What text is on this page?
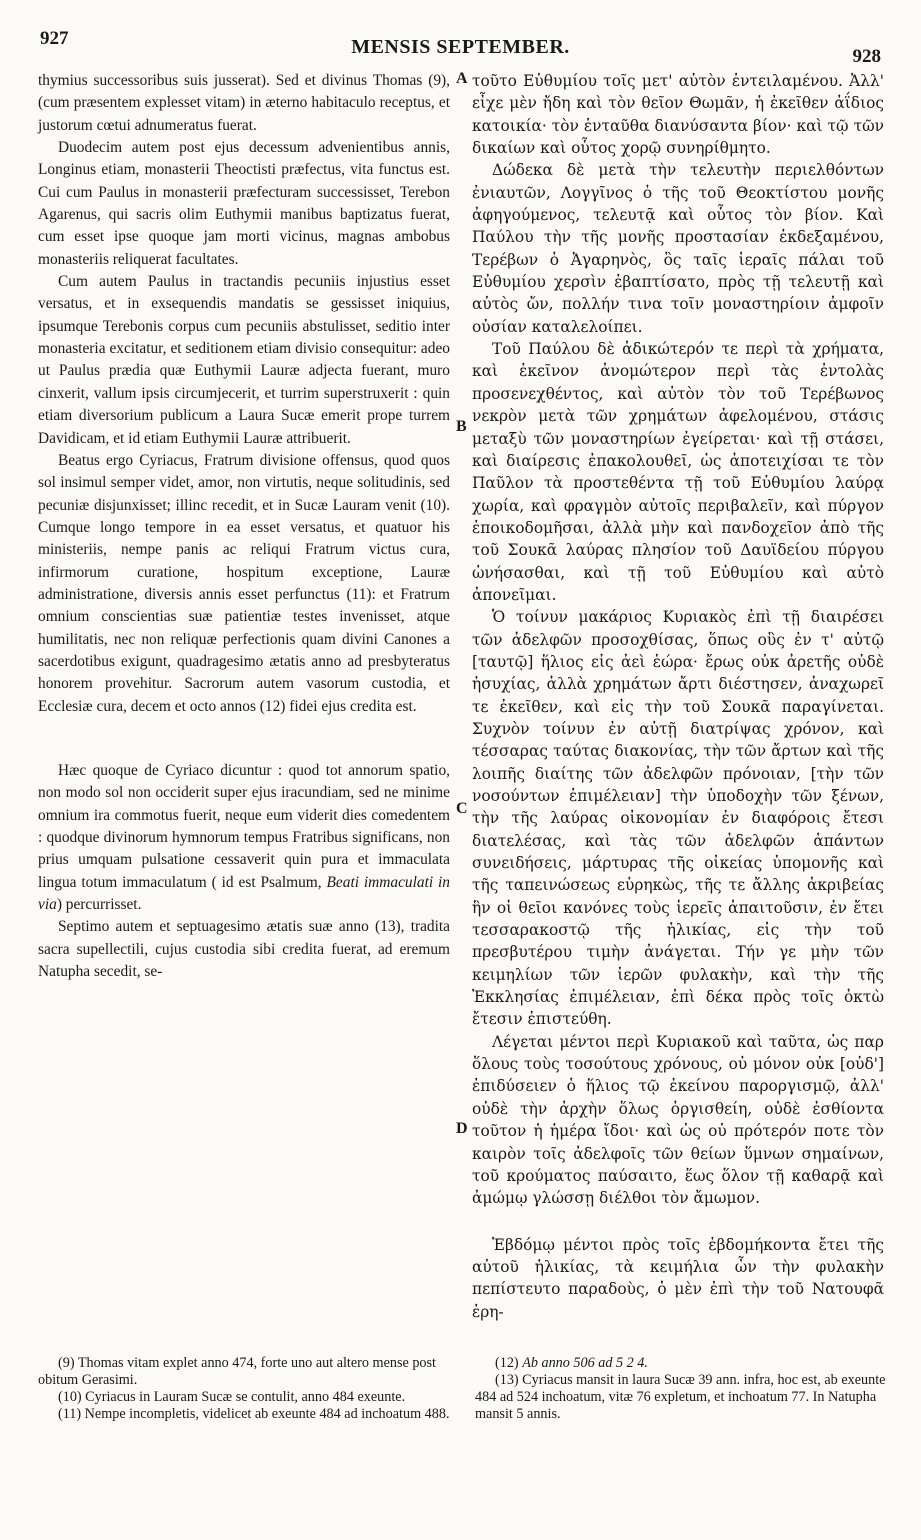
927	MENSIS SEPTEMBER.	928

thymius successoribus suis jusserat). Sed et divinus Thomas (9), (cum præsentem explesset vitam) in æterno habitaculo receptus, et justorum cœtui adnumeratus fuerat.

Duodecim autem post ejus decessum advenientibus annis, Longinus etiam, monasterii Theoctisti præfectus, vita functus est. Cui cum Paulus in monasterii præfecturam successisset, Terebon Agarenus, qui sacris olim Euthymii manibus baptizatus fuerat, cum esset ipse quoque jam morti vicinus, magnas ambobus monasteriis reliquerat facultates.

Cum autem Paulus in tractandis pecuniis injustius esset versatus, et in exsequendis mandatis se gessisset iniquius, ipsumque Terebonis corpus cum pecuniis abstulisset, seditio inter monasteria excitatur, et seditionem etiam divisio consequitur: adeo ut Paulus prædia quæ Euthymii Lauræ adjecta fuerant, muro cinxerit, vallum ipsis circumjecerit, et turrim superstruxerit : quin etiam diversorium publicum a Laura Sucæ emerit prope turrem Davidicam, et id etiam Euthymii Lauræ attribuerit.

Beatus ergo Cyriacus, Fratrum divisione offensus, quod quos sol insimul semper videt, amor, non virtutis, neque solitudinis, sed pecuniæ disjunxisset; illinc recedit, et in Sucæ Lauram venit (10). Cumque longo tempore in ea esset versatus, et quatuor his ministeriis, nempe panis ac reliqui Fratrum victus cura, infirmorum curatione, hospitum exceptione, Lauræ administratione, diversis annis esset perfunctus (11): et Fratrum omnium conscientias suæ patientiæ testes invenisset, atque humilitatis, nec non reliquæ perfectionis quam divini Canones a sacerdotibus exigunt, quadragesimo ætatis anno ad presbyteratus honorem provehitur. Sacrorum autem vasorum custodia, et Ecclesiæ cura, decem et octo annos (12) fidei ejus credita est.

Hæc quoque de Cyriaco dicuntur : quod tot annorum spatio, non modo sol non occiderit super ejus iracundiam, sed ne minime omnium ira commotus fuerit, neque eum viderit dies comedentem : quodque divinorum hymnorum tempus Fratribus significans, non prius umquam pulsatione cessaverit quin pura et immaculata lingua totum immaculatum ( id est Psalmum, Beati immaculati in via) percurrisset.

Septimo autem et septuagesimo ætatis suæ anno (13), tradita sacra supellectili, cujus custodia sibi credita fuerat, ad eremum Natupha secedit, se-

A
B
C
D

τοῦτο Εὐθυμίου τοῖς μετ' αὐτὸν ἐντειλαμένου. Ἀλλ' εἶχε μὲν ἤδη καὶ τὸν θεῖον Θωμᾶν, ἡ ἐκεῖθεν ἀΐδιος κατοικία· τὸν ἐνταῦθα διανύσαντα βίον· καὶ τῷ τῶν δικαίων καὶ οὗτος χορῷ συνηρίθμητο.

Δώδεκα δὲ μετὰ τὴν τελευτὴν περιελθόντων ἐνιαυτῶν, Λογγῖνος ὁ τῆς τοῦ Θεοκτίστου μονῆς ἀφηγούμενος, τελευτᾷ καὶ οὗτος τὸν βίον. Καὶ Παύλου τὴν τῆς μονῆς προστασίαν ἐκδεξαμένου, Τερέβων ὁ Ἀγαρηνὸς, ὃς ταῖς ἱεραῖς πάλαι τοῦ Εὐθυμίου χερσὶν ἐβαπτίσατο, πρὸς τῇ τελευτῇ καὶ αὐτὸς ὤν, πολλήν τινα τοῖν μοναστηρίοιν ἀμφοῖν οὐσίαν καταλελοίπει.

Τοῦ Παύλου δὲ ἀδικώτερόν τε περὶ τὰ χρήματα, καὶ ἐκεῖνον ἀνομώτερον περὶ τὰς ἐντολὰς προσενεχθέντος, καὶ αὐτὸν τὸν τοῦ Τερέβωνος νεκρὸν μετὰ τῶν χρημάτων ἀφελομένου, στάσις μεταξὺ τῶν μοναστηρίων ἐγείρεται· καὶ τῇ στάσει, καὶ διαίρεσις ἐπακολουθεῖ, ὡς ἀποτειχίσαι τε τὸν Παῦλον τὰ προστεθέντα τῇ τοῦ Εὐθυμίου λαύρᾳ χωρία, καὶ φραγμὸν αὐτοῖς περιβαλεῖν, καὶ πύργον ἐποικοδομῆσαι, ἀλλὰ μὴν καὶ πανδοχεῖον ἀπὸ τῆς τοῦ Σουκᾶ λαύρας πλησίον τοῦ Δαυϊδείου πύργου ὠνήσασθαι, καὶ τῇ τοῦ Εὐθυμίου καὶ αὐτὸ ἀπονεῖμαι.

Ὁ τοίνυν μακάριος Κυριακὸς ἐπὶ τῇ διαιρέσει τῶν ἀδελφῶν προσοχθίσας, ὅπως οὓς ἐν τ' αὐτῷ [ταυτῷ] ἥλιος εἰς ἀεὶ ἑώρα· ἔρως οὐκ ἀρετῆς οὐδὲ ἡσυχίας, ἀλλὰ χρημάτων ἄρτι διέστησεν, ἀναχωρεῖ τε ἐκεῖθεν, καὶ εἰς τὴν τοῦ Σουκᾶ παραγίνεται. Συχνὸν τοίνυν ἐν αὐτῇ διατρίψας χρόνον, καὶ τέσσαρας ταύτας διακονίας, τὴν τῶν ἄρτων καὶ τῆς λοιπῆς διαίτης τῶν ἀδελφῶν πρόνοιαν, [τὴν τῶν νοσούντων ἐπιμέλειαν] τὴν ὑποδοχὴν τῶν ξένων, τὴν τῆς λαύρας οἰκονομίαν ἐν διαφόροις ἔτεσι διατελέσας, καὶ τὰς τῶν ἀδελφῶν ἁπάντων συνειδήσεις, μάρτυρας τῆς οἰκείας ὑπομονῆς καὶ τῆς ταπεινώσεως εὑρηκὼς, τῆς τε ἄλλης ἀκριβείας ἣν οἱ θεῖοι κανόνες τοὺς ἱερεῖς ἀπαιτοῦσιν, ἐν ἔτει τεσσαρακοστῷ τῆς ἡλικίας, εἰς τὴν τοῦ πρεσβυτέρου τιμὴν ἀνάγεται. Τήν γε μὴν τῶν κειμηλίων τῶν ἱερῶν φυλακὴν, καὶ τὴν τῆς Ἐκκλησίας ἐπιμέλειαν, ἐπὶ δέκα πρὸς τοῖς ὀκτὼ ἔτεσιν ἐπιστεύθη.

Λέγεται μέντοι περὶ Κυριακοῦ καὶ ταῦτα, ὡς παρ ὅλους τοὺς τοσούτους χρόνους, οὐ μόνον οὐκ [οὐδ'] ἐπιδύσειεν ὁ ἥλιος τῷ ἐκείνου παροργισμῷ, ἀλλ' οὐδὲ τὴν ἀρχὴν ὅλως ὀργισθείη, οὐδὲ ἐσθίοντα τοῦτον ἡ ἡμέρα ἴδοι· καὶ ὡς οὐ πρότερόν ποτε τὸν καιρὸν τοῖς ἀδελφοῖς τῶν θείων ὕμνων σημαίνων, τοῦ κρούματος παύσαιτο, ἕως ὅλον τῇ καθαρᾷ καὶ ἀμώμῳ γλώσσῃ διέλθοι τὸν ἄμωμον.

Ἑβδόμῳ μέντοι πρὸς τοῖς ἑβδομήκοντα ἔτει τῆς αὐτοῦ ἡλικίας, τὰ κειμήλια ὧν τὴν φυλακὴν πεπίστευτο παραδοὺς, ὁ μὲν ἐπὶ τὴν τοῦ Νατουφᾶ ἐρη-

(9) Thomas vitam explet anno 474, forte uno aut altero mense post obitum Gerasimi.

(10) Cyriacus in Lauram Sucæ se contulit, anno 484 exeunte.

(11) Nempe incompletis, videlicet ab exeunte 484 ad inchoatum 488.

(12) Ab anno 506 ad 5 2 4.

(13) Cyriacus mansit in laura Sucæ 39 ann. infra, hoc est, ab exeunte 484 ad 524 inchoatum, vitæ 76 expletum, et inchoatum 77. In Natupha mansit 5 annis.
